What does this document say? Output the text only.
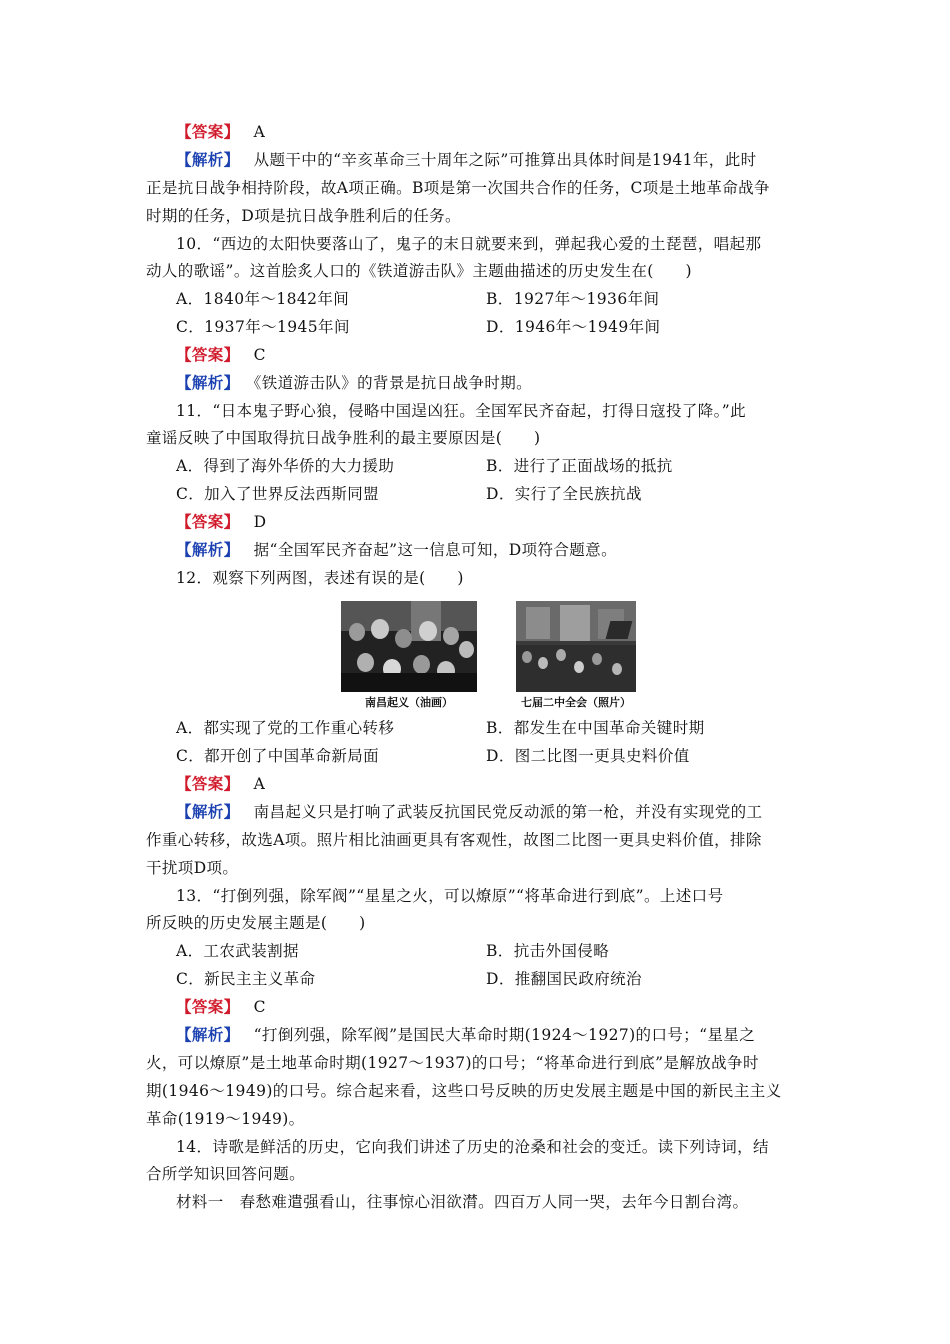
【答案】 A
【解析】 从题干中的“辛亥革命三十周年之际”可推算出具体时间是1941年，此时
正是抗日战争相持阶段，故A项正确。B项是第一次国共合作的任务，C项是土地革命战争
时期的任务，D项是抗日战争胜利后的任务。
10．“西边的太阳快要落山了，鬼子的末日就要来到，弹起我心爱的土琵琶，唱起那
动人的歌谣”。这首脍炙人口的《铁道游击队》主题曲描述的历史发生在(　　)
A．1840年～1842年间	B．1927年～1936年间
C．1937年～1945年间	D．1946年～1949年间
【答案】 C
【解析】 《铁道游击队》的背景是抗日战争时期。
11．“日本鬼子野心狼，侵略中国逞凶狂。全国军民齐奋起，打得日寇投了降。”此
童谣反映了中国取得抗日战争胜利的最主要原因是(　　)
A．得到了海外华侨的大力援助	B．进行了正面战场的抵抗
C．加入了世界反法西斯同盟	D．实行了全民族抗战
【答案】 D
【解析】 据“全国军民齐奋起”这一信息可知，D项符合题意。
12．观察下列两图，表述有误的是(　　)
南昌起义（油画）	七届二中全会（照片）
A．都实现了党的工作重心转移	B．都发生在中国革命关键时期
C．都开创了中国革命新局面	D．图二比图一更具史料价值
【答案】 A
【解析】 南昌起义只是打响了武装反抗国民党反动派的第一枪，并没有实现党的工
作重心转移，故选A项。照片相比油画更具有客观性，故图二比图一更具史料价值，排除
干扰项D项。
13．“打倒列强，除军阀”“星星之火，可以燎原”“将革命进行到底”。上述口号
所反映的历史发展主题是(　　)
A．工农武装割据	B．抗击外国侵略
C．新民主主义革命	D．推翻国民政府统治
【答案】 C
【解析】 “打倒列强，除军阀”是国民大革命时期(1924～1927)的口号；“星星之
火，可以燎原”是土地革命时期(1927～1937)的口号；“将革命进行到底”是解放战争时
期(1946～1949)的口号。综合起来看，这些口号反映的历史发展主题是中国的新民主主义
革命(1919～1949)。
14．诗歌是鲜活的历史，它向我们讲述了历史的沧桑和社会的变迁。读下列诗词，结
合所学知识回答问题。
材料一　春愁难遣强看山，往事惊心泪欲潸。四百万人同一哭，去年今日割台湾。
